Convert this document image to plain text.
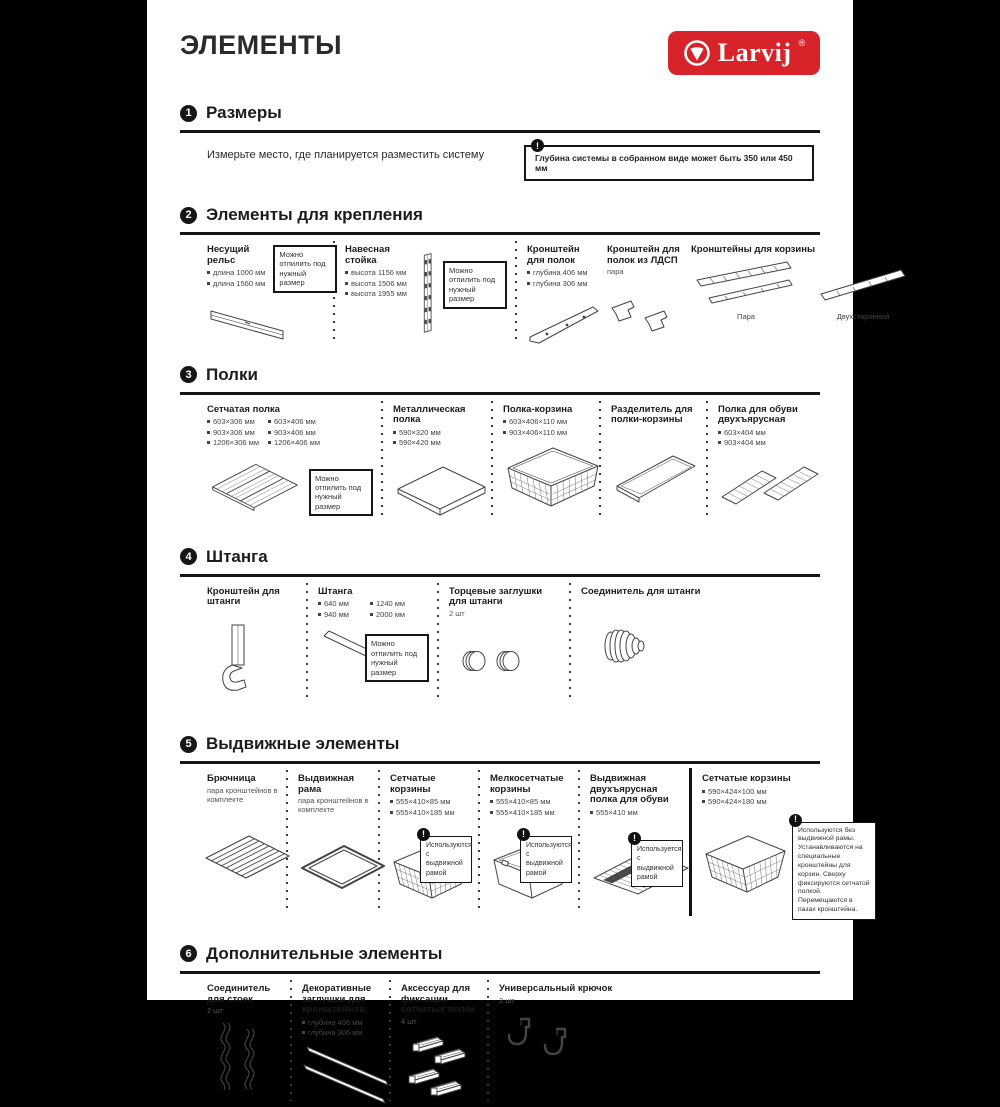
ЭЛЕМЕНТЫ	Larvij ®
1 Размеры
Измерьте место, где планируется разместить систему
!
Глубина системы в собранном виде может быть 350 или 450 мм
2 Элементы для крепления
Несущий рельс
длина 1000 мм
длина 1560 мм
Можно отпилить под нужный размер
Навесная стойка
высота 1156 мм
высота 1506 мм
высота 1955 мм
Можно отпилить под нужный размер
Кронштейн для полок
глубина 406 мм
глубина 306 мм
Кронштейн для полок из ЛДСП
пара
Кронштейны для корзины
Пара	Двухсторонний
3 Полки
Сетчатая полка
603×306 мм
903×306 мм
1206×306 мм
603×406 мм
903×406 мм
1206×406 мм
Можно отпилить под нужный размер
Металлическая полка
590×320 мм
590×420 мм
Полка-корзина
603×406×110 мм
903×406×110 мм
Разделитель для полки-корзины
Полка для обуви двухъярусная
603×404 мм
903×404 мм
4 Штанга
Кронштейн для штанги
Штанга
640 мм
940 мм
1240 мм
2000 мм
Можно отпилить под нужный размер
Торцевые заглушки для штанги
2 шт
Соединитель для штанги
5 Выдвижные элементы
Брючница
пара кронштейнов в комплекте
Выдвижная рама
пара кронштейнов в комплекте
Сетчатые корзины
555×410×85 мм
555×410×185 мм
!
Используются с выдвижной рамой
Мелкосетчатые корзины
555×410×85 мм
555×410×185 мм
!
Используются с выдвижной рамой
Выдвижная двухъярусная полка для обуви
555×410 мм
!
Используется с выдвижной рамой
Сетчатые корзины
590×424×100 мм
590×424×180 мм
!
Используются без выдвижной рамы. Устанавливаются на специальные кронштейны для корзин. Сверху фиксируются сетчатой полкой. Перемещаются в пазах кронштейна.
6 Дополнительные элементы
Соединитель для стоек
2 шт
Декоративные заглушки для кронштейнов
глубина 406 мм
глубина 306 мм
Аксессуар для фиксации сетчатых полок
4 шт
Универсальный крючок
2 шт
